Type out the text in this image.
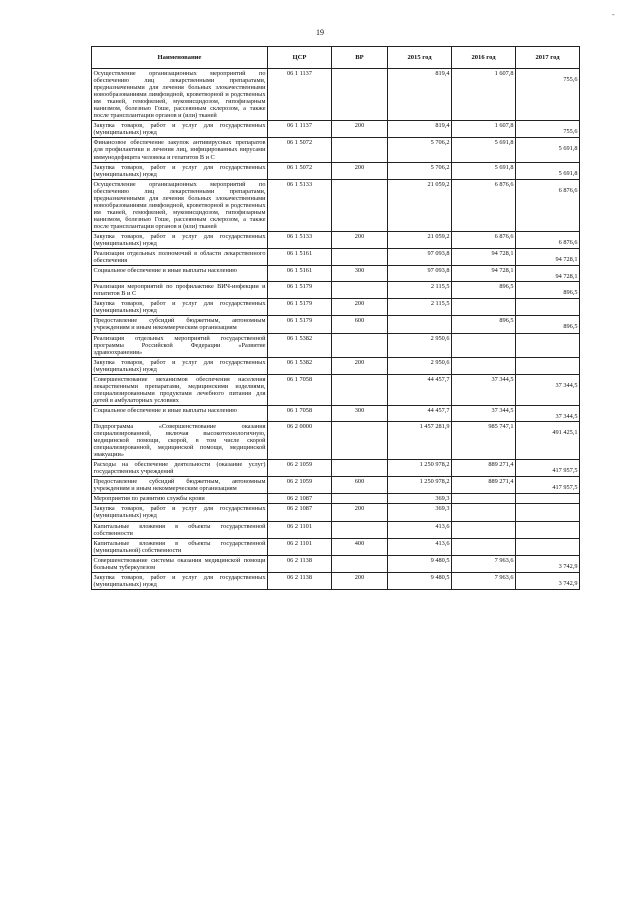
-
19
Наименование	ЦСР	ВР	2015 год	2016 год	2017 год
Осуществление организационных мероприятий по обеспечению лиц лекарственными препаратами, предназначенными для лечения больных злокачественными новообразованиями лимфоидной, кроветворной и родственных им тканей, гемофилией, муковисцидозом, гипофизарным нанизмом, болезнью Гоше, рассеянным склерозом, а также после трансплантации органов и (или) тканей	06 1 1137		819,4	1 607,8	755,6

Закупка товаров, работ и услуг для государственных (муниципальных) нужд	06 1 1137	200	819,4	1 607,8	755,6

Финансовое обеспечение закупок антивирусных препаратов для профилактики и лечения лиц, инфицированных вирусами иммунодефицита человека и гепатитов В и С	06 1 5072		5 706,2	5 691,8	5 691,8

Закупка товаров, работ и услуг для государственных (муниципальных) нужд	06 1 5072	200	5 706,2	5 691,8	5 691,8

Осуществление организационных мероприятий по обеспечению лиц лекарственными препаратами, предназначенными для лечения больных злокачественными новообразованиями лимфоидной, кроветворной и родственных им тканей, гемофилией, муковисцидозом, гипофизарным нанизмом, болезнью Гоше, рассеянным склерозом, а также после трансплантации органов и (или) тканей	06 1 5133		21 059,2	6 876,6	6 876,6

Закупка товаров, работ и услуг для государственных (муниципальных) нужд	06 1 5133	200	21 059,2	6 876,6	6 876,6

Реализация отдельных полномочий в области лекарственного обеспечения	06 1 5161		97 093,8	94 728,1	94 728,1

Социальное обеспечение и иные выплаты населению	06 1 5161	300	97 093,8	94 728,1	94 728,1

Реализация мероприятий по профилактике ВИЧ-инфекции и гепатитов В и С	06 1 5179		2 115,5	896,5	896,5

Закупка товаров, работ и услуг для государственных (муниципальных) нужд	06 1 5179	200	2 115,5		

Предоставление субсидий бюджетным, автономным учреждениям и иным некоммерческим организациям	06 1 5179	600		896,5	896,5

Реализация отдельных мероприятий государственной программы Российской Федерации «Развитие здравоохранения»	06 1 5382		2 950,6		

Закупка товаров, работ и услуг для государственных (муниципальных) нужд	06 1 5382	200	2 950,6		

Совершенствование механизмов обеспечения населения лекарственными препаратами, медицинскими изделиями, специализированными продуктами лечебного питания для детей в амбулаторных условиях	06 1 7058		44 457,7	37 344,5	37 344,5

Социальное обеспечение и иные выплаты населению	06 1 7058	300	44 457,7	37 344,5	37 344,5

Подпрограмма «Совершенствование оказания специализированной, включая высокотехнологичную, медицинской помощи, скорой, в том числе скорой специализированной, медицинской помощи, медицинской эвакуации»	06 2 0000		1 457 281,9	985 747,1	491 425,1

Расходы на обеспечение деятельности (оказание услуг) государственных учреждений	06 2 1059		1 250 978,2	889 271,4	417 957,5

Предоставление субсидий бюджетным, автономным учреждениям и иным некоммерческим организациям	06 2 1059	600	1 250 978,2	889 271,4	417 957,5

Мероприятия по развитию службы крови	06 2 1087		369,3		

Закупка товаров, работ и услуг для государственных (муниципальных) нужд	06 2 1087	200	369,3		

Капитальные вложения в объекты государственной собственности	06 2 1101		413,6		

Капитальные вложения в объекты государственной (муниципальной) собственности	06 2 1101	400	413,6		

Совершенствование системы оказания медицинской помощи больным туберкулезом	06 2 1138		9 480,5	7 963,6	3 742,9

Закупка товаров, работ и услуг для государственных (муниципальных) нужд	06 2 1138	200	9 480,5	7 963,6	3 742,9
